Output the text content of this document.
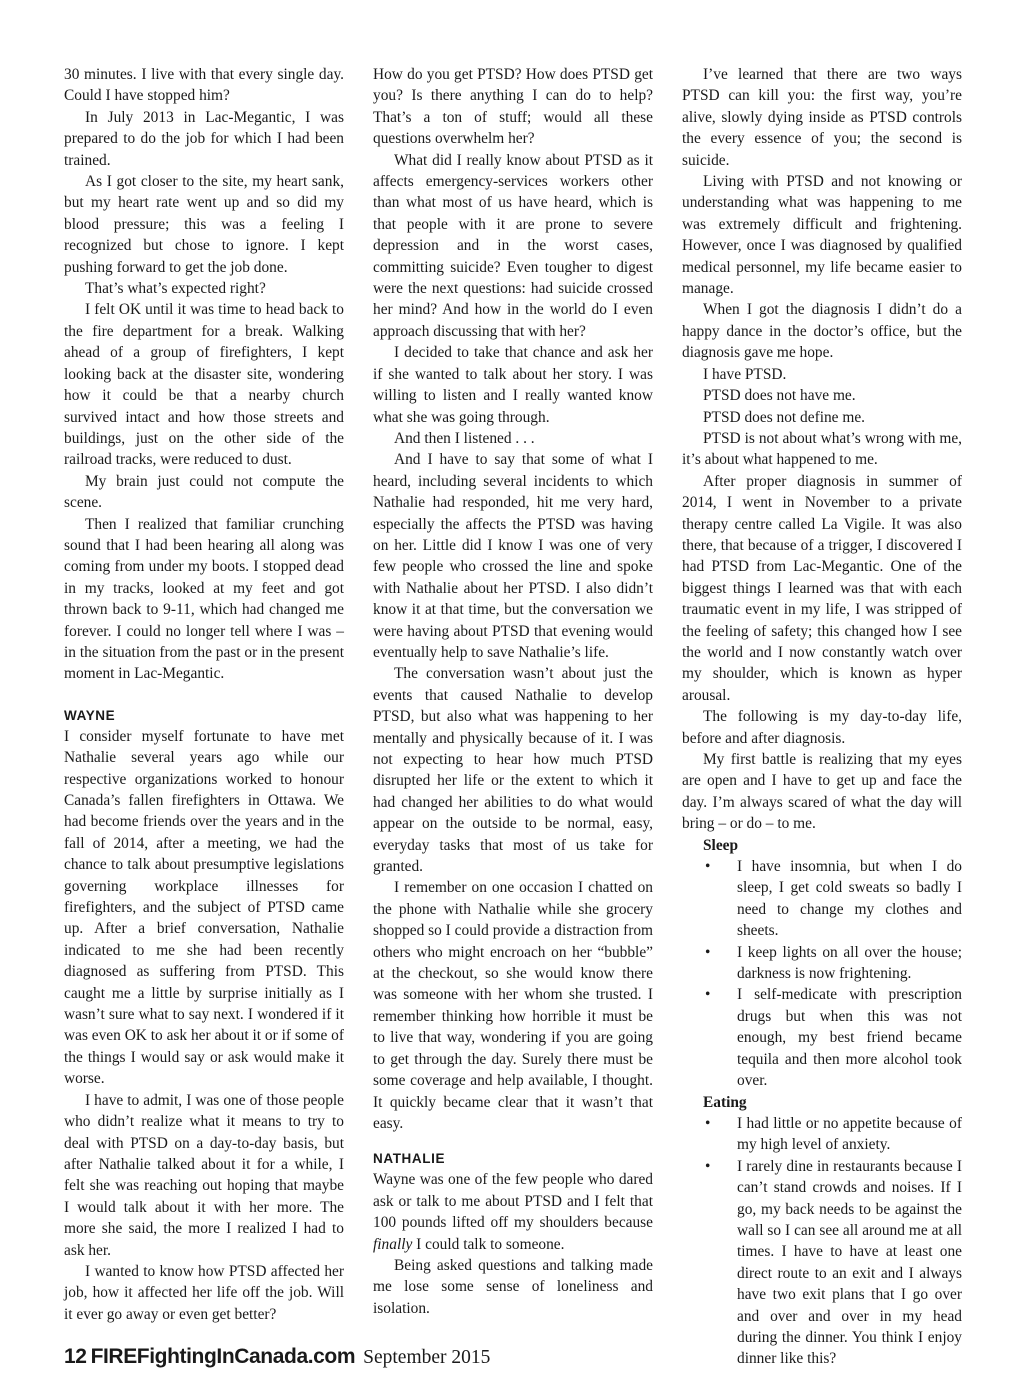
30 minutes. I live with that every single day. Could I have stopped him?

In July 2013 in Lac-Megantic, I was prepared to do the job for which I had been trained.

As I got closer to the site, my heart sank, but my heart rate went up and so did my blood pressure; this was a feeling I recognized but chose to ignore. I kept pushing forward to get the job done.

That’s what’s expected right?

I felt OK until it was time to head back to the fire department for a break. Walking ahead of a group of firefighters, I kept looking back at the disaster site, wondering how it could be that a nearby church survived intact and how those streets and buildings, just on the other side of the railroad tracks, were reduced to dust.

My brain just could not compute the scene.

Then I realized that familiar crunching sound that I had been hearing all along was coming from under my boots. I stopped dead in my tracks, looked at my feet and got thrown back to 9-11, which had changed me forever. I could no longer tell where I was – in the situation from the past or in the present moment in Lac-Megantic.

WAYNE

I consider myself fortunate to have met Nathalie several years ago while our respective organizations worked to honour Canada’s fallen firefighters in Ottawa. We had become friends over the years and in the fall of 2014, after a meeting, we had the chance to talk about presumptive legislations governing workplace illnesses for firefighters, and the subject of PTSD came up. After a brief conversation, Nathalie indicated to me she had been recently diagnosed as suffering from PTSD. This caught me a little by surprise initially as I wasn’t sure what to say next. I wondered if it was even OK to ask her about it or if some of the things I would say or ask would make it worse.

I have to admit, I was one of those people who didn’t realize what it means to try to deal with PTSD on a day-to-day basis, but after Nathalie talked about it for a while, I felt she was reaching out hoping that maybe I would talk about it with her more. The more she said, the more I realized I had to ask her.

I wanted to know how PTSD affected her job, how it affected her life off the job. Will it ever go away or even get better?

How do you get PTSD? How does PTSD get you? Is there anything I can do to help? That’s a ton of stuff; would all these questions overwhelm her?

What did I really know about PTSD as it affects emergency-services workers other than what most of us have heard, which is that people with it are prone to severe depression and in the worst cases, committing suicide? Even tougher to digest were the next questions: had suicide crossed her mind? And how in the world do I even approach discussing that with her?

I decided to take that chance and ask her if she wanted to talk about her story. I was willing to listen and I really wanted know what she was going through.

And then I listened . . .

And I have to say that some of what I heard, including several incidents to which Nathalie had responded, hit me very hard, especially the affects the PTSD was having on her. Little did I know I was one of very few people who crossed the line and spoke with Nathalie about her PTSD. I also didn’t know it at that time, but the conversation we were having about PTSD that evening would eventually help to save Nathalie’s life.

The conversation wasn’t about just the events that caused Nathalie to develop PTSD, but also what was happening to her mentally and physically because of it. I was not expecting to hear how much PTSD disrupted her life or the extent to which it had changed her abilities to do what would appear on the outside to be normal, easy, everyday tasks that most of us take for granted.

I remember on one occasion I chatted on the phone with Nathalie while she grocery shopped so I could provide a distraction from others who might encroach on her “bubble” at the checkout, so she would know there was someone with her whom she trusted. I remember thinking how horrible it must be to live that way, wondering if you are going to get through the day. Surely there must be some coverage and help available, I thought. It quickly became clear that it wasn’t that easy.

NATHALIE

Wayne was one of the few people who dared ask or talk to me about PTSD and I felt that 100 pounds lifted off my shoulders because finally I could talk to someone.

Being asked questions and talking made me lose some sense of loneliness and isolation.

I’ve learned that there are two ways PTSD can kill you: the first way, you’re alive, slowly dying inside as PTSD controls the every essence of you; the second is suicide.

Living with PTSD and not knowing or understanding what was happening to me was extremely difficult and frightening. However, once I was diagnosed by qualified medical personnel, my life became easier to manage.

When I got the diagnosis I didn’t do a happy dance in the doctor’s office, but the diagnosis gave me hope.

I have PTSD.

PTSD does not have me.

PTSD does not define me.

PTSD is not about what’s wrong with me, it’s about what happened to me.

After proper diagnosis in summer of 2014, I went in November to a private therapy centre called La Vigile. It was also there, that because of a trigger, I discovered I had PTSD from Lac-Megantic. One of the biggest things I learned was that with each traumatic event in my life, I was stripped of the feeling of safety; this changed how I see the world and I now constantly watch over my shoulder, which is known as hyper arousal.

The following is my day-to-day life, before and after diagnosis.

My first battle is realizing that my eyes are open and I have to get up and face the day. I’m always scared of what the day will bring – or do – to me.

Sleep
• I have insomnia, but when I do sleep, I get cold sweats so badly I need to change my clothes and sheets.
• I keep lights on all over the house; darkness is now frightening.
• I self-medicate with prescription drugs but when this was not enough, my best friend became tequila and then more alcohol took over.
Eating
• I had little or no appetite because of my high level of anxiety.
• I rarely dine in restaurants because I can’t stand crowds and noises. If I go, my back needs to be against the wall so I can see all around me at all times. I have to have at least one direct route to an exit and I always have two exit plans that I go over and over and over in my head during the dinner. You think I enjoy dinner like this?
12 FIREFightingInCanada.com September 2015
